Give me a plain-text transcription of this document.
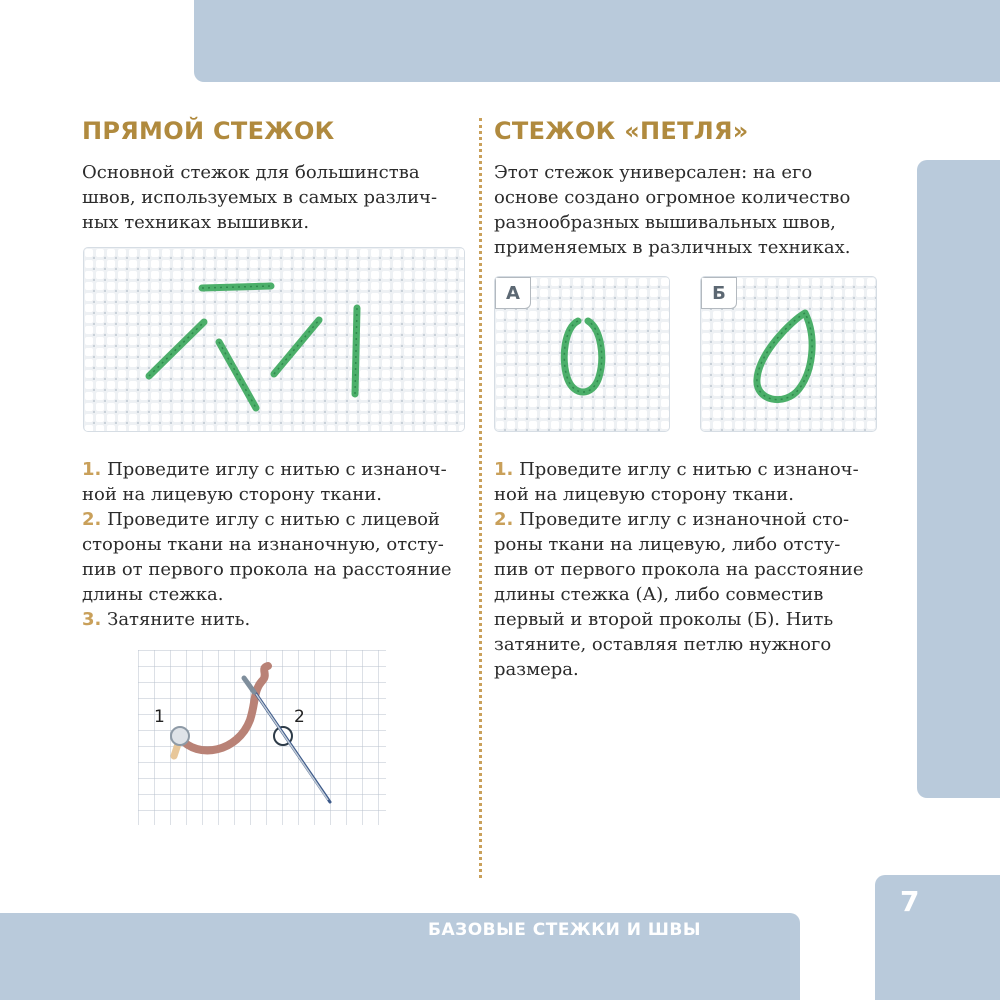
БАЗОВЫЕ СТЕЖКИ И ШВЫ
7
ПРЯМОЙ СТЕЖОК

Основной стежок для большинства
швов, используемых в самых различ-
ных техниках вышивки.

1. Проведите иглу с нитью с изнаноч-
ной на лицевую сторону ткани.
2. Проведите иглу с нитью с лицевой
стороны ткани на изнаночную, отсту-
пив от первого прокола на расстояние
длины стежка.
3. Затяните нить.

1	2
СТЕЖОК «ПЕТЛЯ»

Этот стежок универсален: на его
основе создано огромное количество
разнообразных вышивальных швов,
применяемых в различных техниках.

А	Б

1. Проведите иглу с нитью с изнаноч-
ной на лицевую сторону ткани.
2. Проведите иглу с изнаночной сто-
роны ткани на лицевую, либо отсту-
пив от первого прокола на расстояние
длины стежка (А), либо совместив
первый и второй проколы (Б). Нить
затяните, оставляя петлю нужного
размера.
